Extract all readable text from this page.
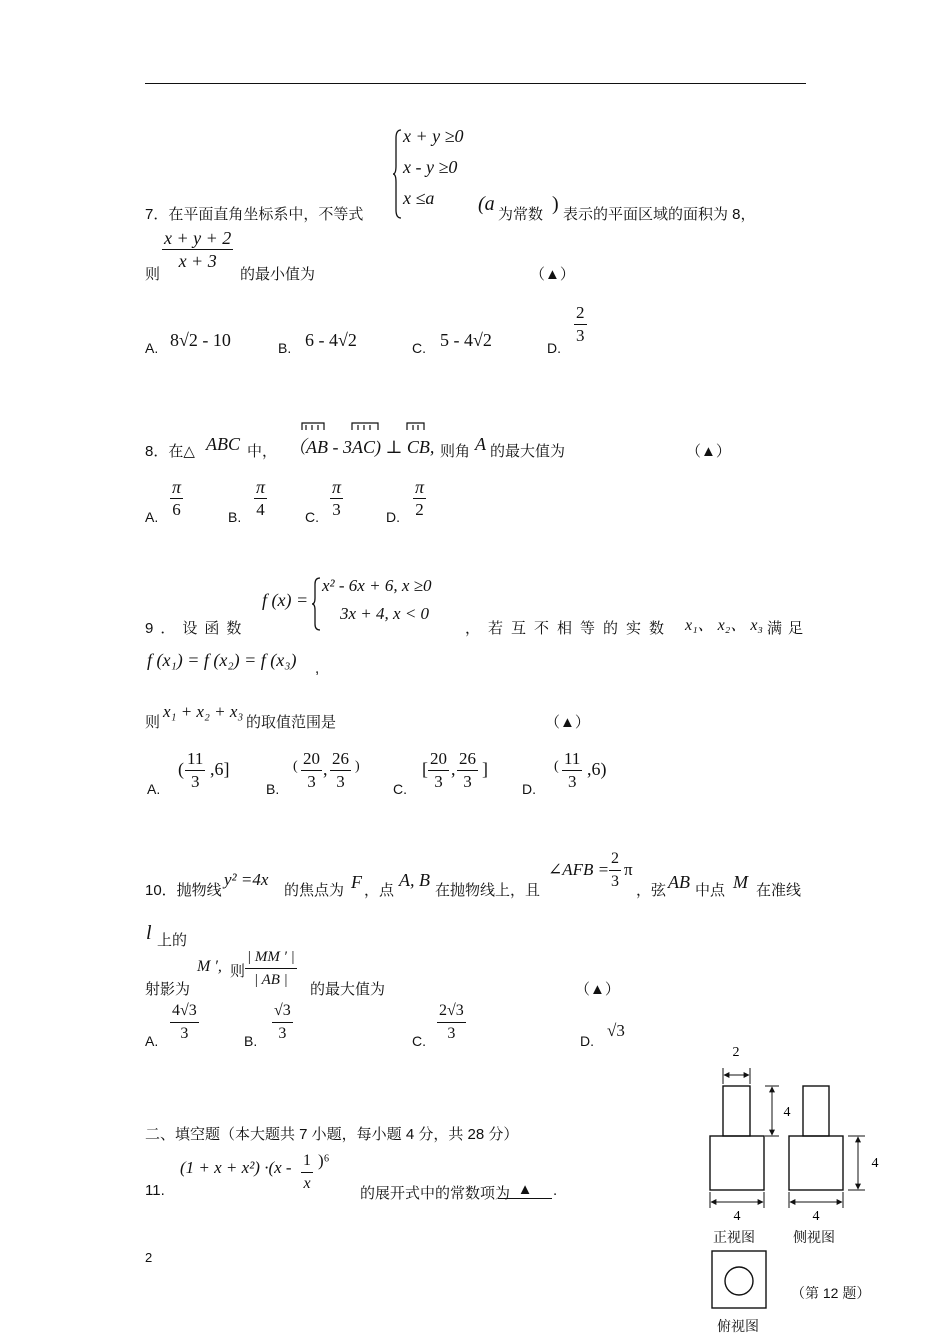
x + y ≥0
x - y ≥0
x ≤a
7．在平面直角坐标系中，不等式	(a 为常数 ) 表示的平面区域的面积为 8，
则
$\frac{x + y + 2}{x + 3}$
的最小值为	（▲）
A. 8√2 - 10	B. 6 - 4√2	C. 5 - 4√2	D.
$\frac{2}{3}$
8．在△ ABC 中， （AB - 3AC) ⊥ CB, 则角 A 的最大值为	（▲）
A. $\frac{\pi}{6}$	B. $\frac{\pi}{4}$	C. $\frac{\pi}{3}$	D. $\frac{\pi}{2}$
9．设函数
f (x) =
x² - 6x + 6, x ≥0
3x + 4, x < 0
，若互不相等的实数 x₁、 x₂、 x₃ 满足
f (x₁) = f (x₂) = f (x₃) ,
则
x₁ + x₂ + x₃
的取值范围是	（▲）
A.
( $\frac{11}{3} ,6$]
B.
( $\frac{20}{3}$ , $\frac{26}{3}$ )
C.
[ $\frac{20}{3}$ , $\frac{26}{3}$ ]
D.
( $\frac{11}{3} ,6$)
10．抛物线
y² =4x
的焦点为 F ，点
A, B
在抛物线上，且
∠AFB = $\frac{2}{3}$ π
，弦 AB 中点 M 在准线
l 上的
射影为
M ′, 则 $\frac{| MM ' |}{| AB |}$ 的最大值为	（▲）
A. $\frac{4√3}{3}$	B. $\frac{√3}{3}$	C. $\frac{2√3}{3}$	D.
√3
二、填空题（本大题共 7 小题，每小题 4 分，共 28 分）
11.
$(1 + x + x^2) \cdot(x - \frac{1}{x} )^6$
的展开式中的常数项为 ▲	.
2
4
4
4	4
正视图	侧视图
俯视图
（第 12 题）
2
